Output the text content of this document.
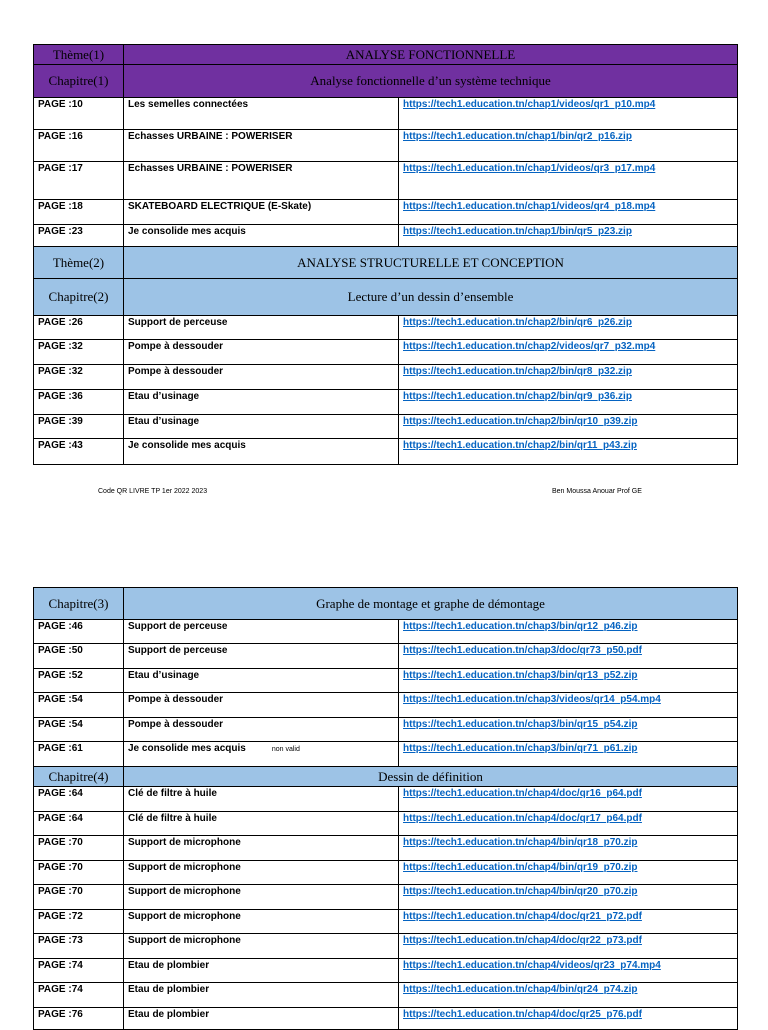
Thème(1)	ANALYSE FONCTIONNELLE	
Chapitre(1)	Analyse fonctionnelle d’un système technique	
PAGE :10	Les semelles connectées	https://tech1.education.tn/chap1/videos/qr1_p10.mp4
PAGE :16	Echasses URBAINE : POWERISER	https://tech1.education.tn/chap1/bin/qr2_p16.zip
PAGE :17	Echasses URBAINE : POWERISER	https://tech1.education.tn/chap1/videos/qr3_p17.mp4
PAGE :18	SKATEBOARD ELECTRIQUE (E-Skate)	https://tech1.education.tn/chap1/videos/qr4_p18.mp4
PAGE :23	Je consolide mes acquis	https://tech1.education.tn/chap1/bin/qr5_p23.zip
Thème(2)	ANALYSE STRUCTURELLE ET CONCEPTION	
Chapitre(2)	Lecture d’un dessin d’ensemble	
PAGE :26	Support de perceuse	https://tech1.education.tn/chap2/bin/qr6_p26.zip
PAGE :32	Pompe à dessouder	https://tech1.education.tn/chap2/videos/qr7_p32.mp4
PAGE :32	Pompe à dessouder	https://tech1.education.tn/chap2/bin/qr8_p32.zip
PAGE :36	Etau d’usinage	https://tech1.education.tn/chap2/bin/qr9_p36.zip
PAGE :39	Etau d’usinage	https://tech1.education.tn/chap2/bin/qr10_p39.zip
PAGE :43	Je consolide mes acquis	https://tech1.education.tn/chap2/bin/qr11_p43.zip
Code QR LIVRE TP 1er 2022 2023	Ben Moussa Anouar Prof GE
Chapitre(3)	Graphe de montage et graphe de démontage	
PAGE :46	Support de perceuse	https://tech1.education.tn/chap3/bin/qr12_p46.zip
PAGE :50	Support de perceuse	https://tech1.education.tn/chap3/doc/qr73_p50.pdf
PAGE :52	Etau d’usinage	https://tech1.education.tn/chap3/bin/qr13_p52.zip
PAGE :54	Pompe à dessouder	https://tech1.education.tn/chap3/videos/qr14_p54.mp4
PAGE :54	Pompe à dessouder	https://tech1.education.tn/chap3/bin/qr15_p54.zip
PAGE :61	Je consolide mes acquis non valid	https://tech1.education.tn/chap3/bin/qr71_p61.zip
Chapitre(4)	Dessin de définition	
PAGE :64	Clé de filtre à huile	https://tech1.education.tn/chap4/doc/qr16_p64.pdf
PAGE :64	Clé de filtre à huile	https://tech1.education.tn/chap4/doc/qr17_p64.pdf
PAGE :70	Support de microphone	https://tech1.education.tn/chap4/bin/qr18_p70.zip
PAGE :70	Support de microphone	https://tech1.education.tn/chap4/bin/qr19_p70.zip
PAGE :70	Support de microphone	https://tech1.education.tn/chap4/bin/qr20_p70.zip
PAGE :72	Support de microphone	https://tech1.education.tn/chap4/doc/qr21_p72.pdf
PAGE :73	Support de microphone	https://tech1.education.tn/chap4/doc/qr22_p73.pdf
PAGE :74	Etau de plombier	https://tech1.education.tn/chap4/videos/qr23_p74.mp4
PAGE :74	Etau de plombier	https://tech1.education.tn/chap4/bin/qr24_p74.zip
PAGE :76	Etau de plombier	https://tech1.education.tn/chap4/doc/qr25_p76.pdf
